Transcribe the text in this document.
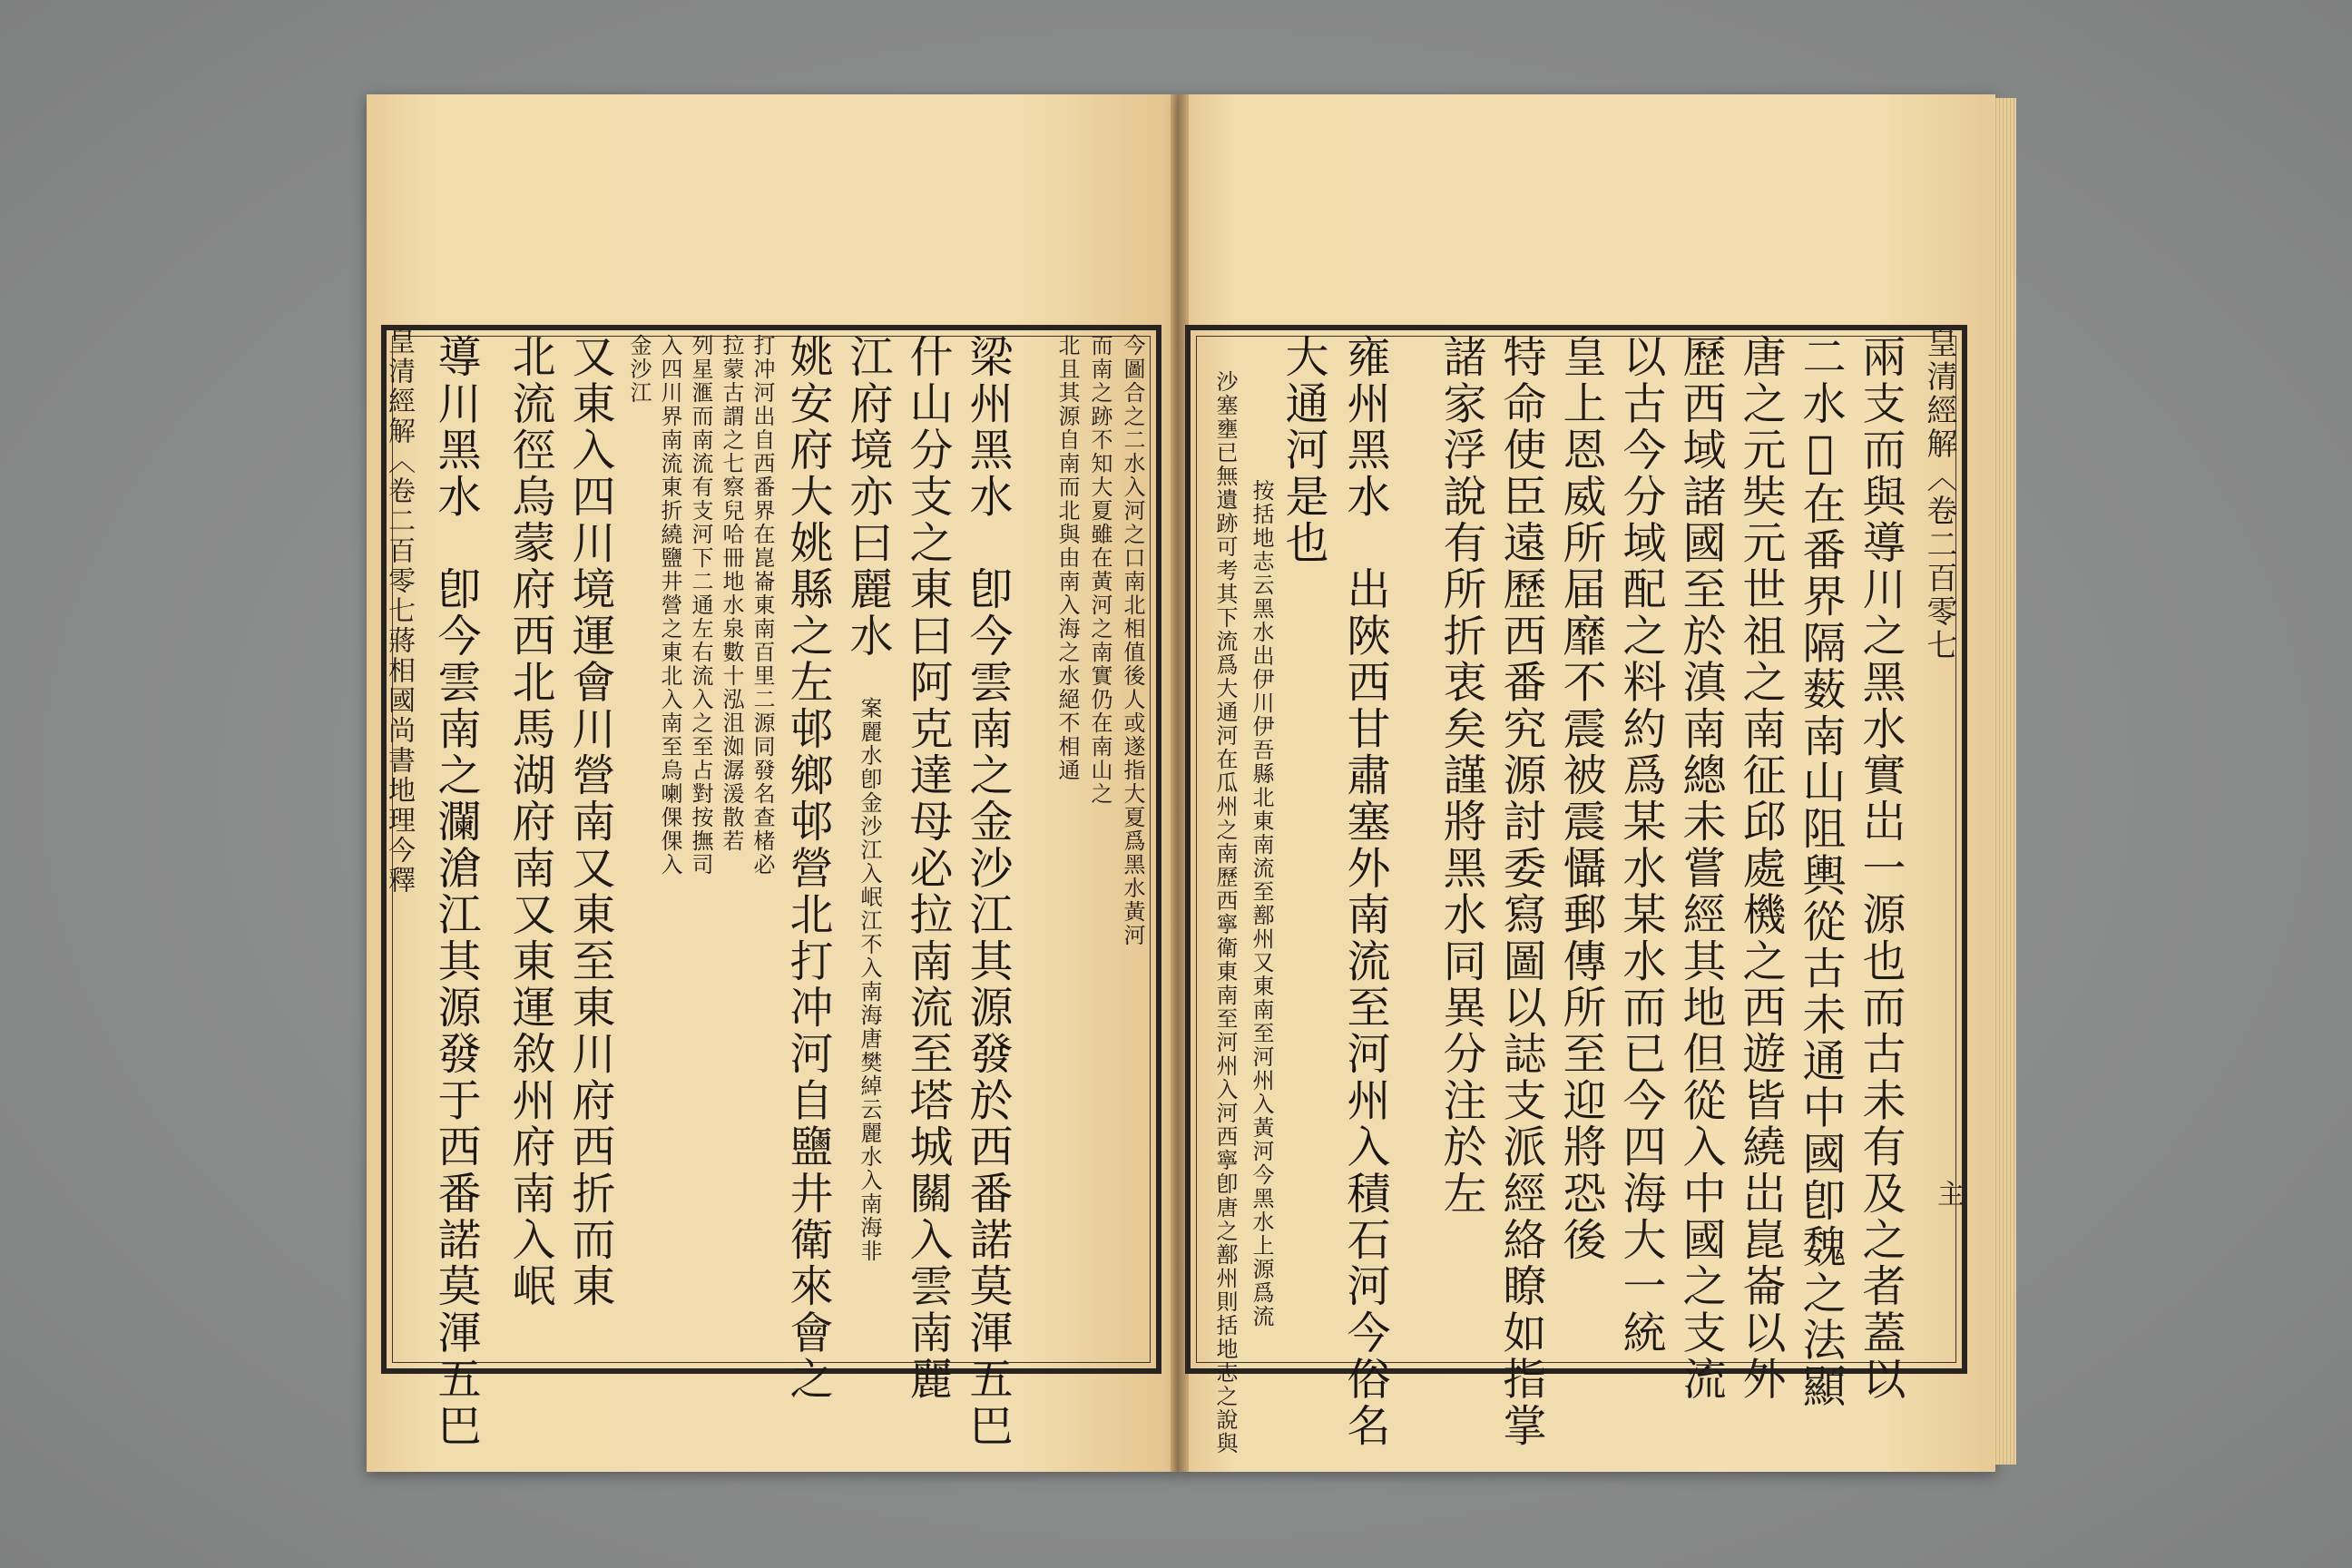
皇清經解〈卷二百零七
主
兩支而與導川之黑水實岀一源也而古未有及之者蓋以
二水𨼆在番界隔薮南山阻輿從古未通中國卽魏之法顯
唐之元奘元世祖之南征邱處機之西遊皆繞岀崑崙以外
歷西域諸國至於滇南總未嘗經其地但從入中國之支流
以古今分域配之料約爲某水某水而已今四海大一統
皇上恩威所届靡不震被震懾郵傳所至迎將恐後
特命使臣遠歷西番究源討委寫圖以誌支派經絡瞭如指掌
諸家浮說有所折衷矣謹將黑水同異分注於左
雍州黑水　出陜西甘肅塞外南流至河州入積石河今俗名
大通河是也
按括地志云黑水出伊川伊吾縣北東南流至鄯州又東南至河州入黃河今黑水上源爲流
沙塞壅已無遺跡可考其下流爲大通河在瓜州之南歷西寧衛東南至河州入河西寧卽唐之鄯州則括地志之說與
皇清經解〈卷二百零七蔣相國尚書地理今釋	今圖合之二水入河之口南北相值後人或遂指大夏爲黑水黃河
而南之跡不知大夏雖在黃河之南實仍在南山之
北且其源自南而北與由南入海之水絕不相通
梁州黑水　卽今雲南之金沙江其源發於西番諾莫渾五巴
什山分支之東曰阿克達母必拉南流至塔城關入雲南麗
江府境亦曰麗水
案麗水卽金沙江入岷江不入南海唐樊綽云麗水入南海非
姚安府大姚縣之左邨鄉邨營北打冲河自鹽井衛來會之
打冲河出自西番界在崑崙東南百里二源同發名查楮必
拉蒙古謂之七察兒哈冊地水泉數十泓沮洳潺湲散若
列星滙而南流有支河下二通左右流入之至占對按撫司
入四川界南流東折繞鹽井營之東北入南至烏喇倮倮入
金沙江
又東入四川境運會川營南又東至東川府西折而東
北流徑烏蒙府西北馬湖府南又東運敘州府南入岷
導川黑水　卽今雲南之瀾滄江其源發于西番諾莫渾五巴
